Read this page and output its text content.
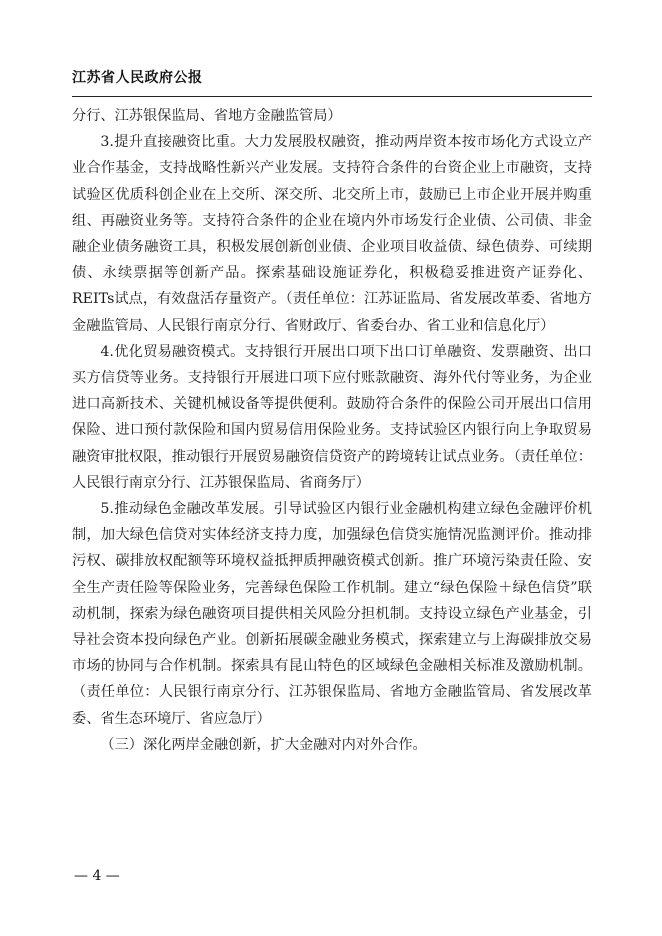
江苏省人民政府公报

分行、江苏银保监局、省地方金融监管局）

3.提升直接融资比重。大力发展股权融资，推动两岸资本按市场化方式设立产业合作基金，支持战略性新兴产业发展。支持符合条件的台资企业上市融资，支持试验区优质科创企业在上交所、深交所、北交所上市，鼓励已上市企业开展并购重组、再融资业务等。支持符合条件的企业在境内外市场发行企业债、公司债、非金融企业债务融资工具，积极发展创新创业债、企业项目收益债、绿色债券、可续期债、永续票据等创新产品。探索基础设施证券化，积极稳妥推进资产证券化、REITs试点，有效盘活存量资产。（责任单位：江苏证监局、省发展改革委、省地方金融监管局、人民银行南京分行、省财政厅、省委台办、省工业和信息化厅）

4.优化贸易融资模式。支持银行开展出口项下出口订单融资、发票融资、出口买方信贷等业务。支持银行开展进口项下应付账款融资、海外代付等业务，为企业进口高新技术、关键机械设备等提供便利。鼓励符合条件的保险公司开展出口信用保险、进口预付款保险和国内贸易信用保险业务。支持试验区内银行向上争取贸易融资审批权限，推动银行开展贸易融资信贷资产的跨境转让试点业务。（责任单位：人民银行南京分行、江苏银保监局、省商务厅）

5.推动绿色金融改革发展。引导试验区内银行业金融机构建立绿色金融评价机制，加大绿色信贷对实体经济支持力度，加强绿色信贷实施情况监测评价。推动排污权、碳排放权配额等环境权益抵押质押融资模式创新。推广环境污染责任险、安全生产责任险等保险业务，完善绿色保险工作机制。建立“绿色保险＋绿色信贷”联动机制，探索为绿色融资项目提供相关风险分担机制。支持设立绿色产业基金，引导社会资本投向绿色产业。创新拓展碳金融业务模式，探索建立与上海碳排放交易市场的协同与合作机制。探索具有昆山特色的区域绿色金融相关标准及激励机制。（责任单位：人民银行南京分行、江苏银保监局、省地方金融监管局、省发展改革委、省生态环境厅、省应急厅）

（三）深化两岸金融创新，扩大金融对内对外合作。

— 4 —
